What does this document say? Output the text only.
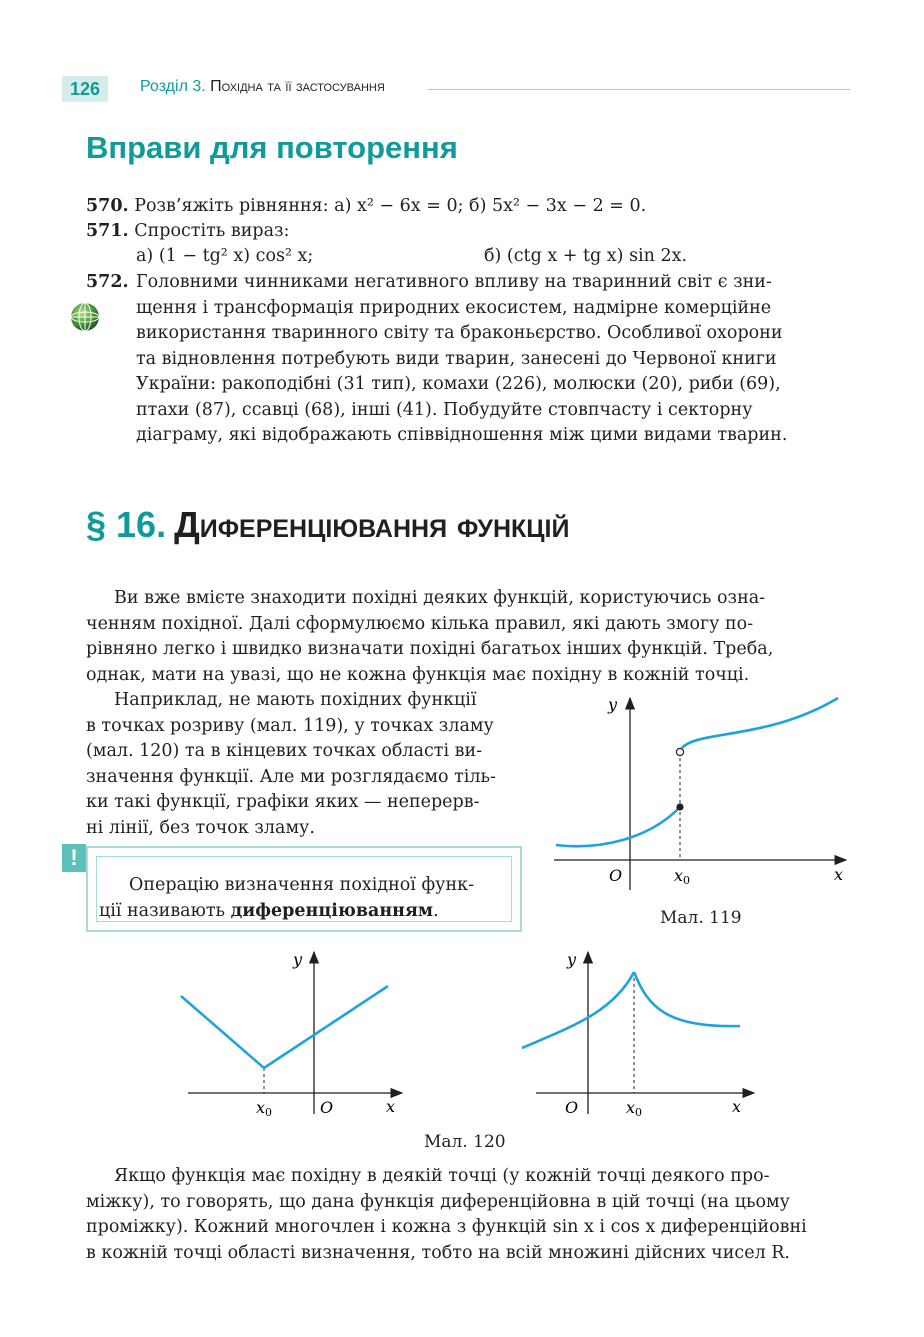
126	Розділ 3. Похідна та її застосування
Вправи для повторення
570. Розв’яжіть рівняння: а) x² − 6x = 0; б) 5x² − 3x − 2 = 0.
571. Спростіть вираз:
а) (1 − tg² x) cos² x;	б) (ctg x + tg x) sin 2x.
572. Головними чинниками негативного впливу на тваринний світ є зни-
щення і трансформація природних екосистем, надмірне комерційне
використання тваринного світу та браконьєрство. Особливої охорони
та відновлення потребують види тварин, занесені до Червоної книги
України: ракоподібні (31 тип), комахи (226), молюски (20), риби (69),
птахи (87), ссавці (68), інші (41). Побудуйте стовпчасту і секторну
діаграму, які відображають співвідношення між цими видами тварин.
§ 16. Диференціювання функцій
Ви вже вмієте знаходити похідні деяких функцій, користуючись озна-
ченням похідної. Далі сформулюємо кілька правил, які дають змогу по-
рівняно легко і швидко визначати похідні багатьох інших функцій. Треба,
однак, мати на увазі, що не кожна функція має похідну в кожній точці.
Наприклад, не мають похідних функції
в точках розриву (мал. 119), у точках зламу
(мал. 120) та в кінцевих точках області ви-
значення функції. Але ми розглядаємо тіль-
ки такі функції, графіки яких — неперерв-
ні лінії, без точок зламу.
!
Операцію визначення похідної функ-
ції називають диференціюванням.
y
x
O	x0
Мал. 119
y
x
O
x0
y
x
O	x0
Мал. 120
Якщо функція має похідну в деякій точці (у кожній точці деякого про-
міжку), то говорять, що дана функція диференційовна в цій точці (на цьому
проміжку). Кожний многочлен і кожна з функцій sin x і cos x диференційовні
в кожній точці області визначення, тобто на всій множині дійсних чисел R.
